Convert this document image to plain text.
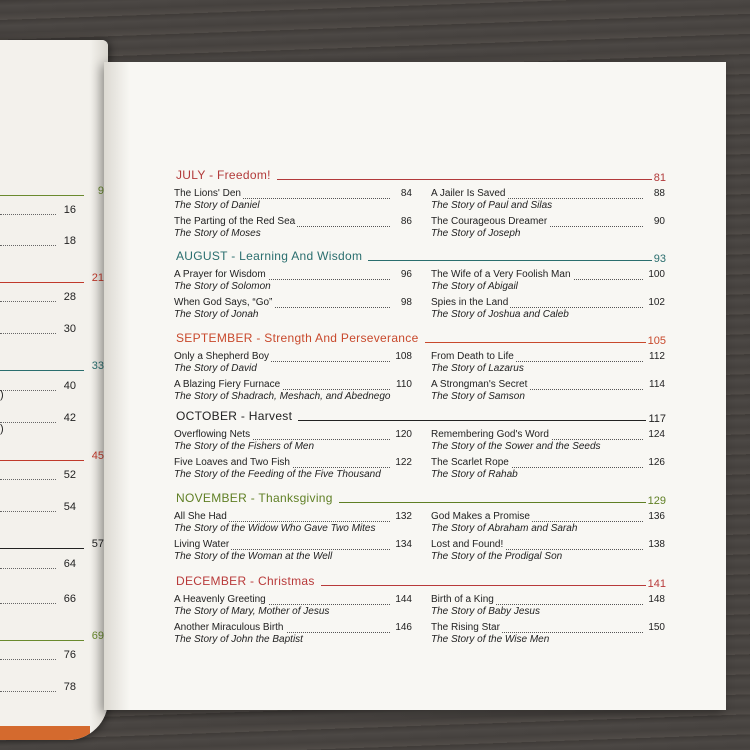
9
16
18
21
28
30
33
40
42
45
52
54
57
64
66
69
76
78
)
)
JULY - Freedom!	81
The Lions' Den	84
The Story of Daniel
The Parting of the Red Sea	86
The Story of Moses
A Jailer Is Saved	88
The Story of Paul and Silas
The Courageous Dreamer	90
The Story of Joseph
AUGUST - Learning And Wisdom	93
A Prayer for Wisdom	96
The Story of Solomon
When God Says, “Go”	98
The Story of Jonah
The Wife of a Very Foolish Man	100
The Story of Abigail
Spies in the Land	102
The Story of Joshua and Caleb
SEPTEMBER - Strength And Perseverance	105
Only a Shepherd Boy	108
The Story of David
A Blazing Fiery Furnace	110
The Story of Shadrach, Meshach, and Abednego
From Death to Life	112
The Story of Lazarus
A Strongman's Secret	114
The Story of Samson
OCTOBER - Harvest	117
Overflowing Nets	120
The Story of the Fishers of Men
Five Loaves and Two Fish	122
The Story of the Feeding of the Five Thousand
Remembering God's Word	124
The Story of the Sower and the Seeds
The Scarlet Rope	126
The Story of Rahab
NOVEMBER - Thanksgiving	129
All She Had	132
The Story of the Widow Who Gave Two Mites
Living Water	134
The Story of the Woman at the Well
God Makes a Promise	136
The Story of Abraham and Sarah
Lost and Found!	138
The Story of the Prodigal Son
DECEMBER - Christmas	141
A Heavenly Greeting	144
The Story of Mary, Mother of Jesus
Another Miraculous Birth	146
The Story of John the Baptist
Birth of a King	148
The Story of Baby Jesus
The Rising Star	150
The Story of the Wise Men
